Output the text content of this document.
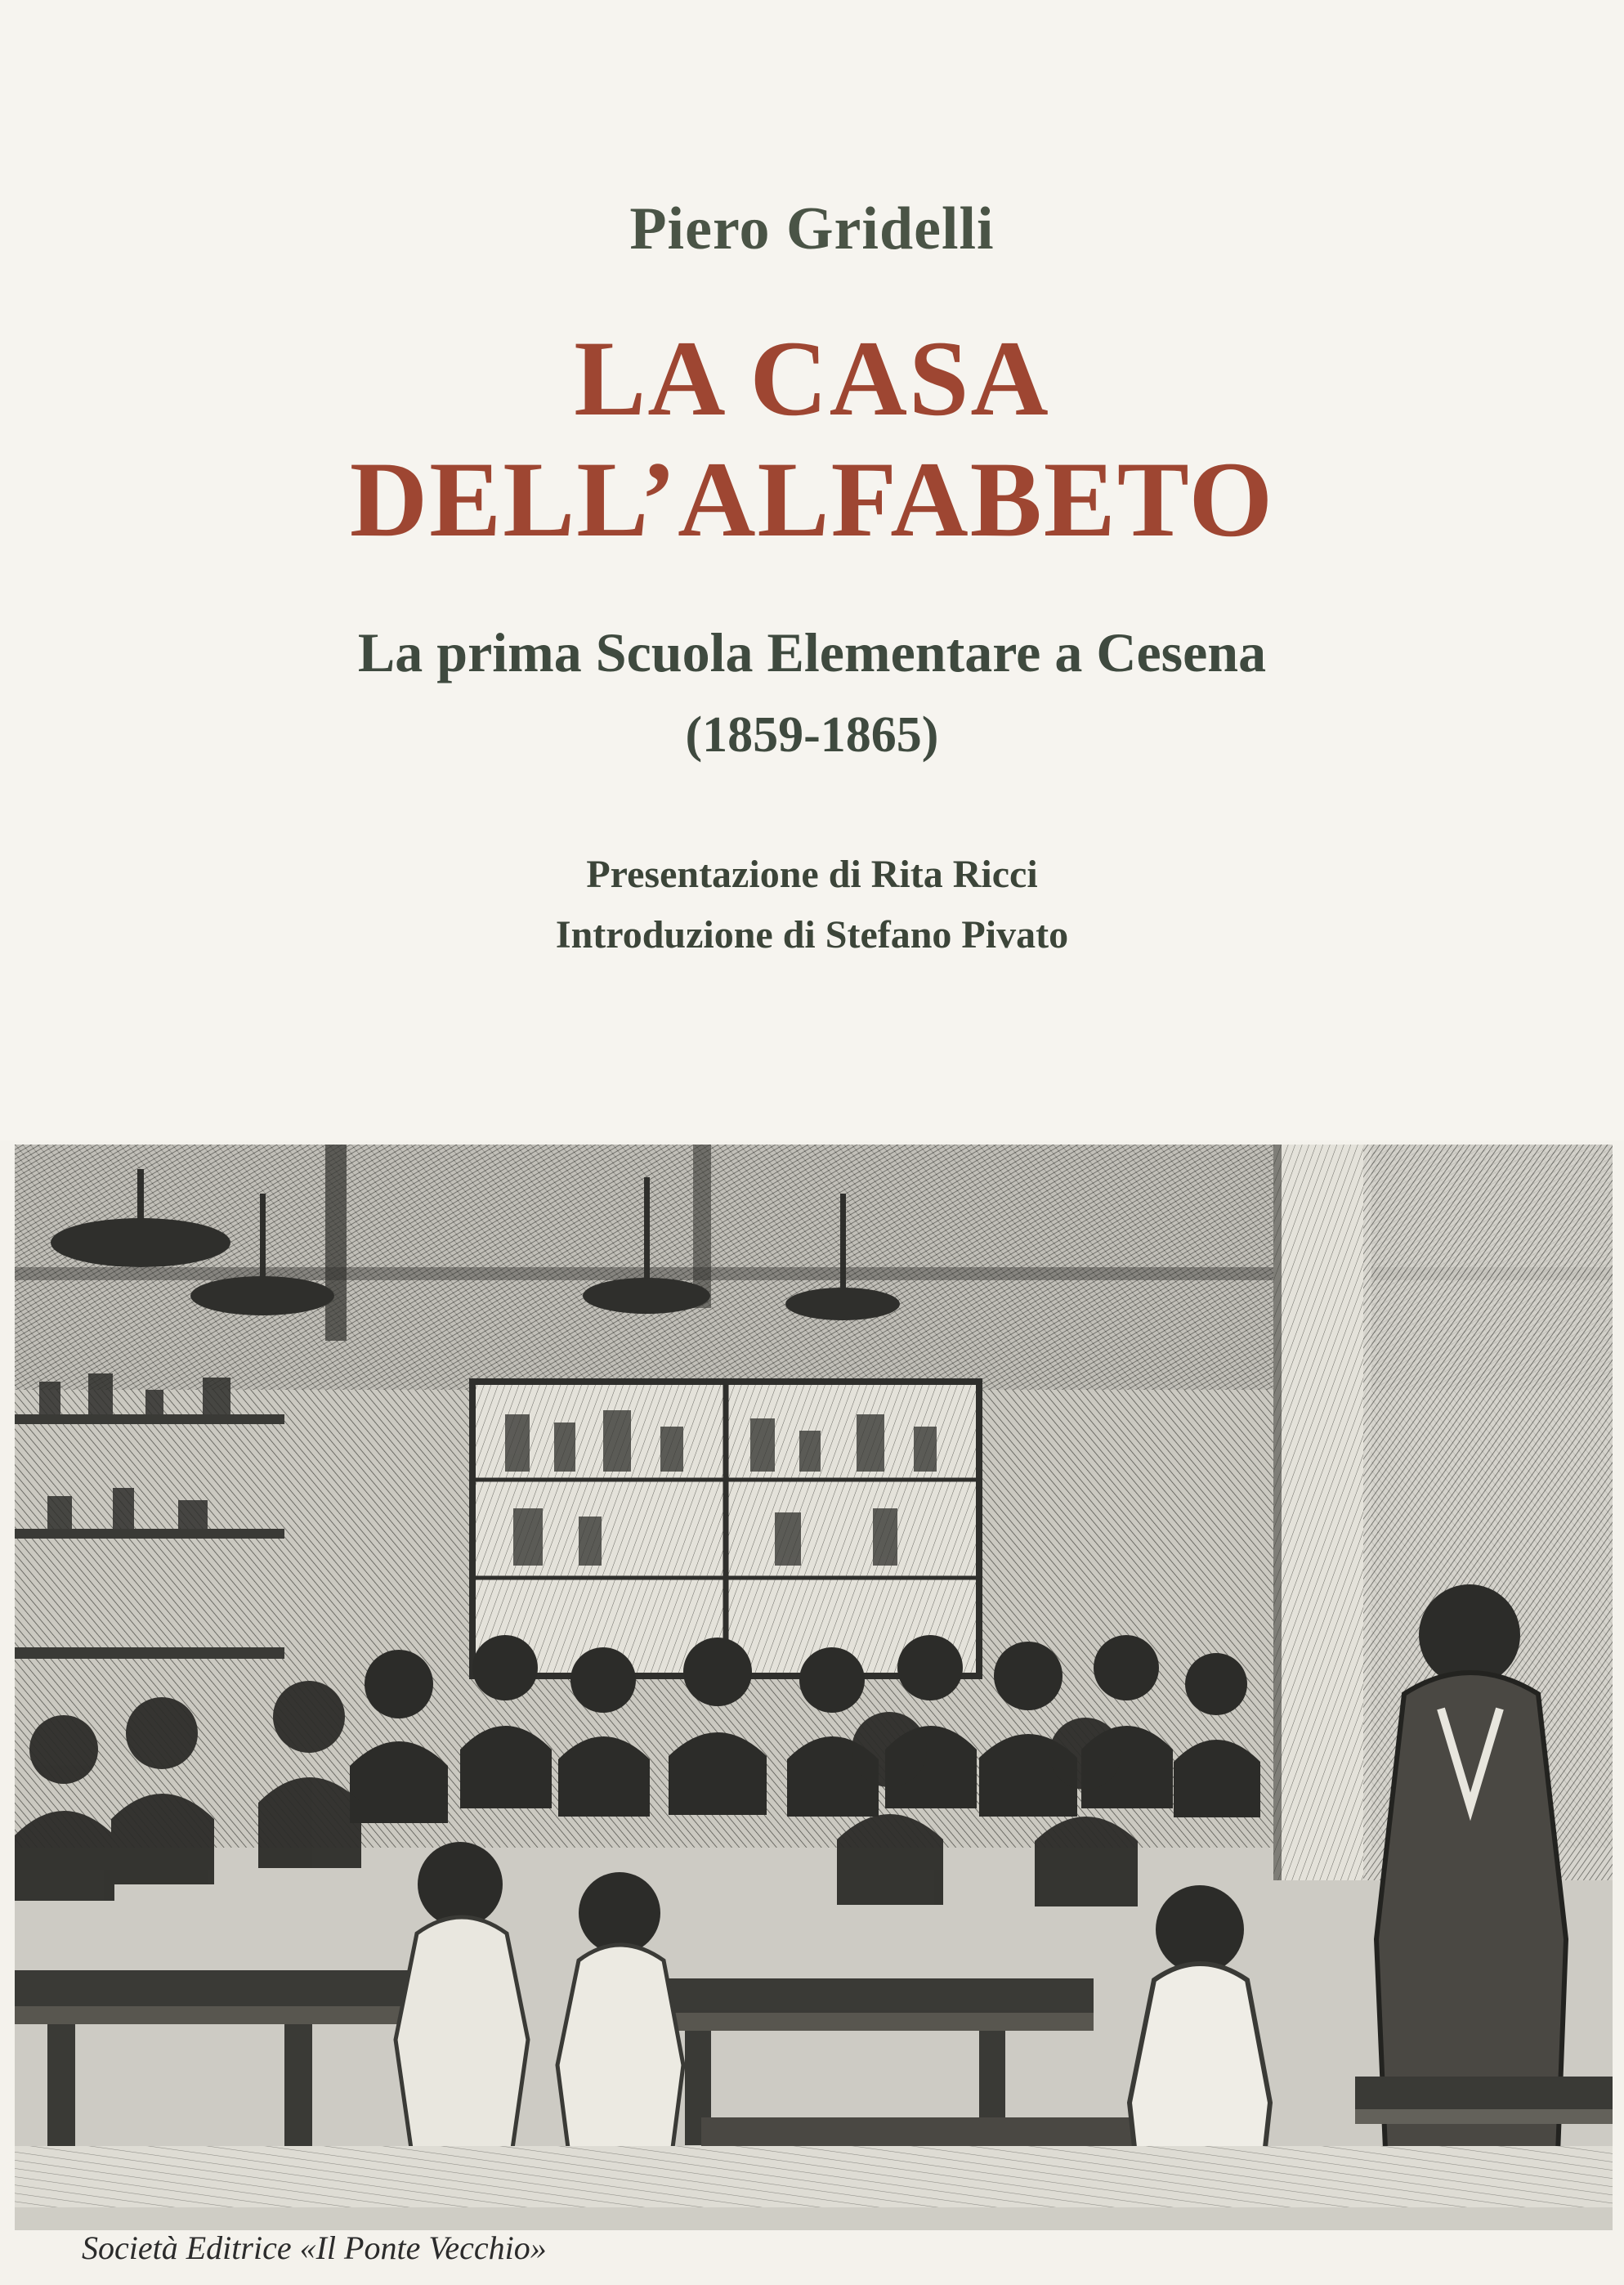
Piero Gridelli
LA CASA
DELL’ALFABETO
La prima Scuola Elementare a Cesena
(1859-1865)
Presentazione di Rita Ricci
Introduzione di Stefano Pivato
Società Editrice «Il Ponte Vecchio»
